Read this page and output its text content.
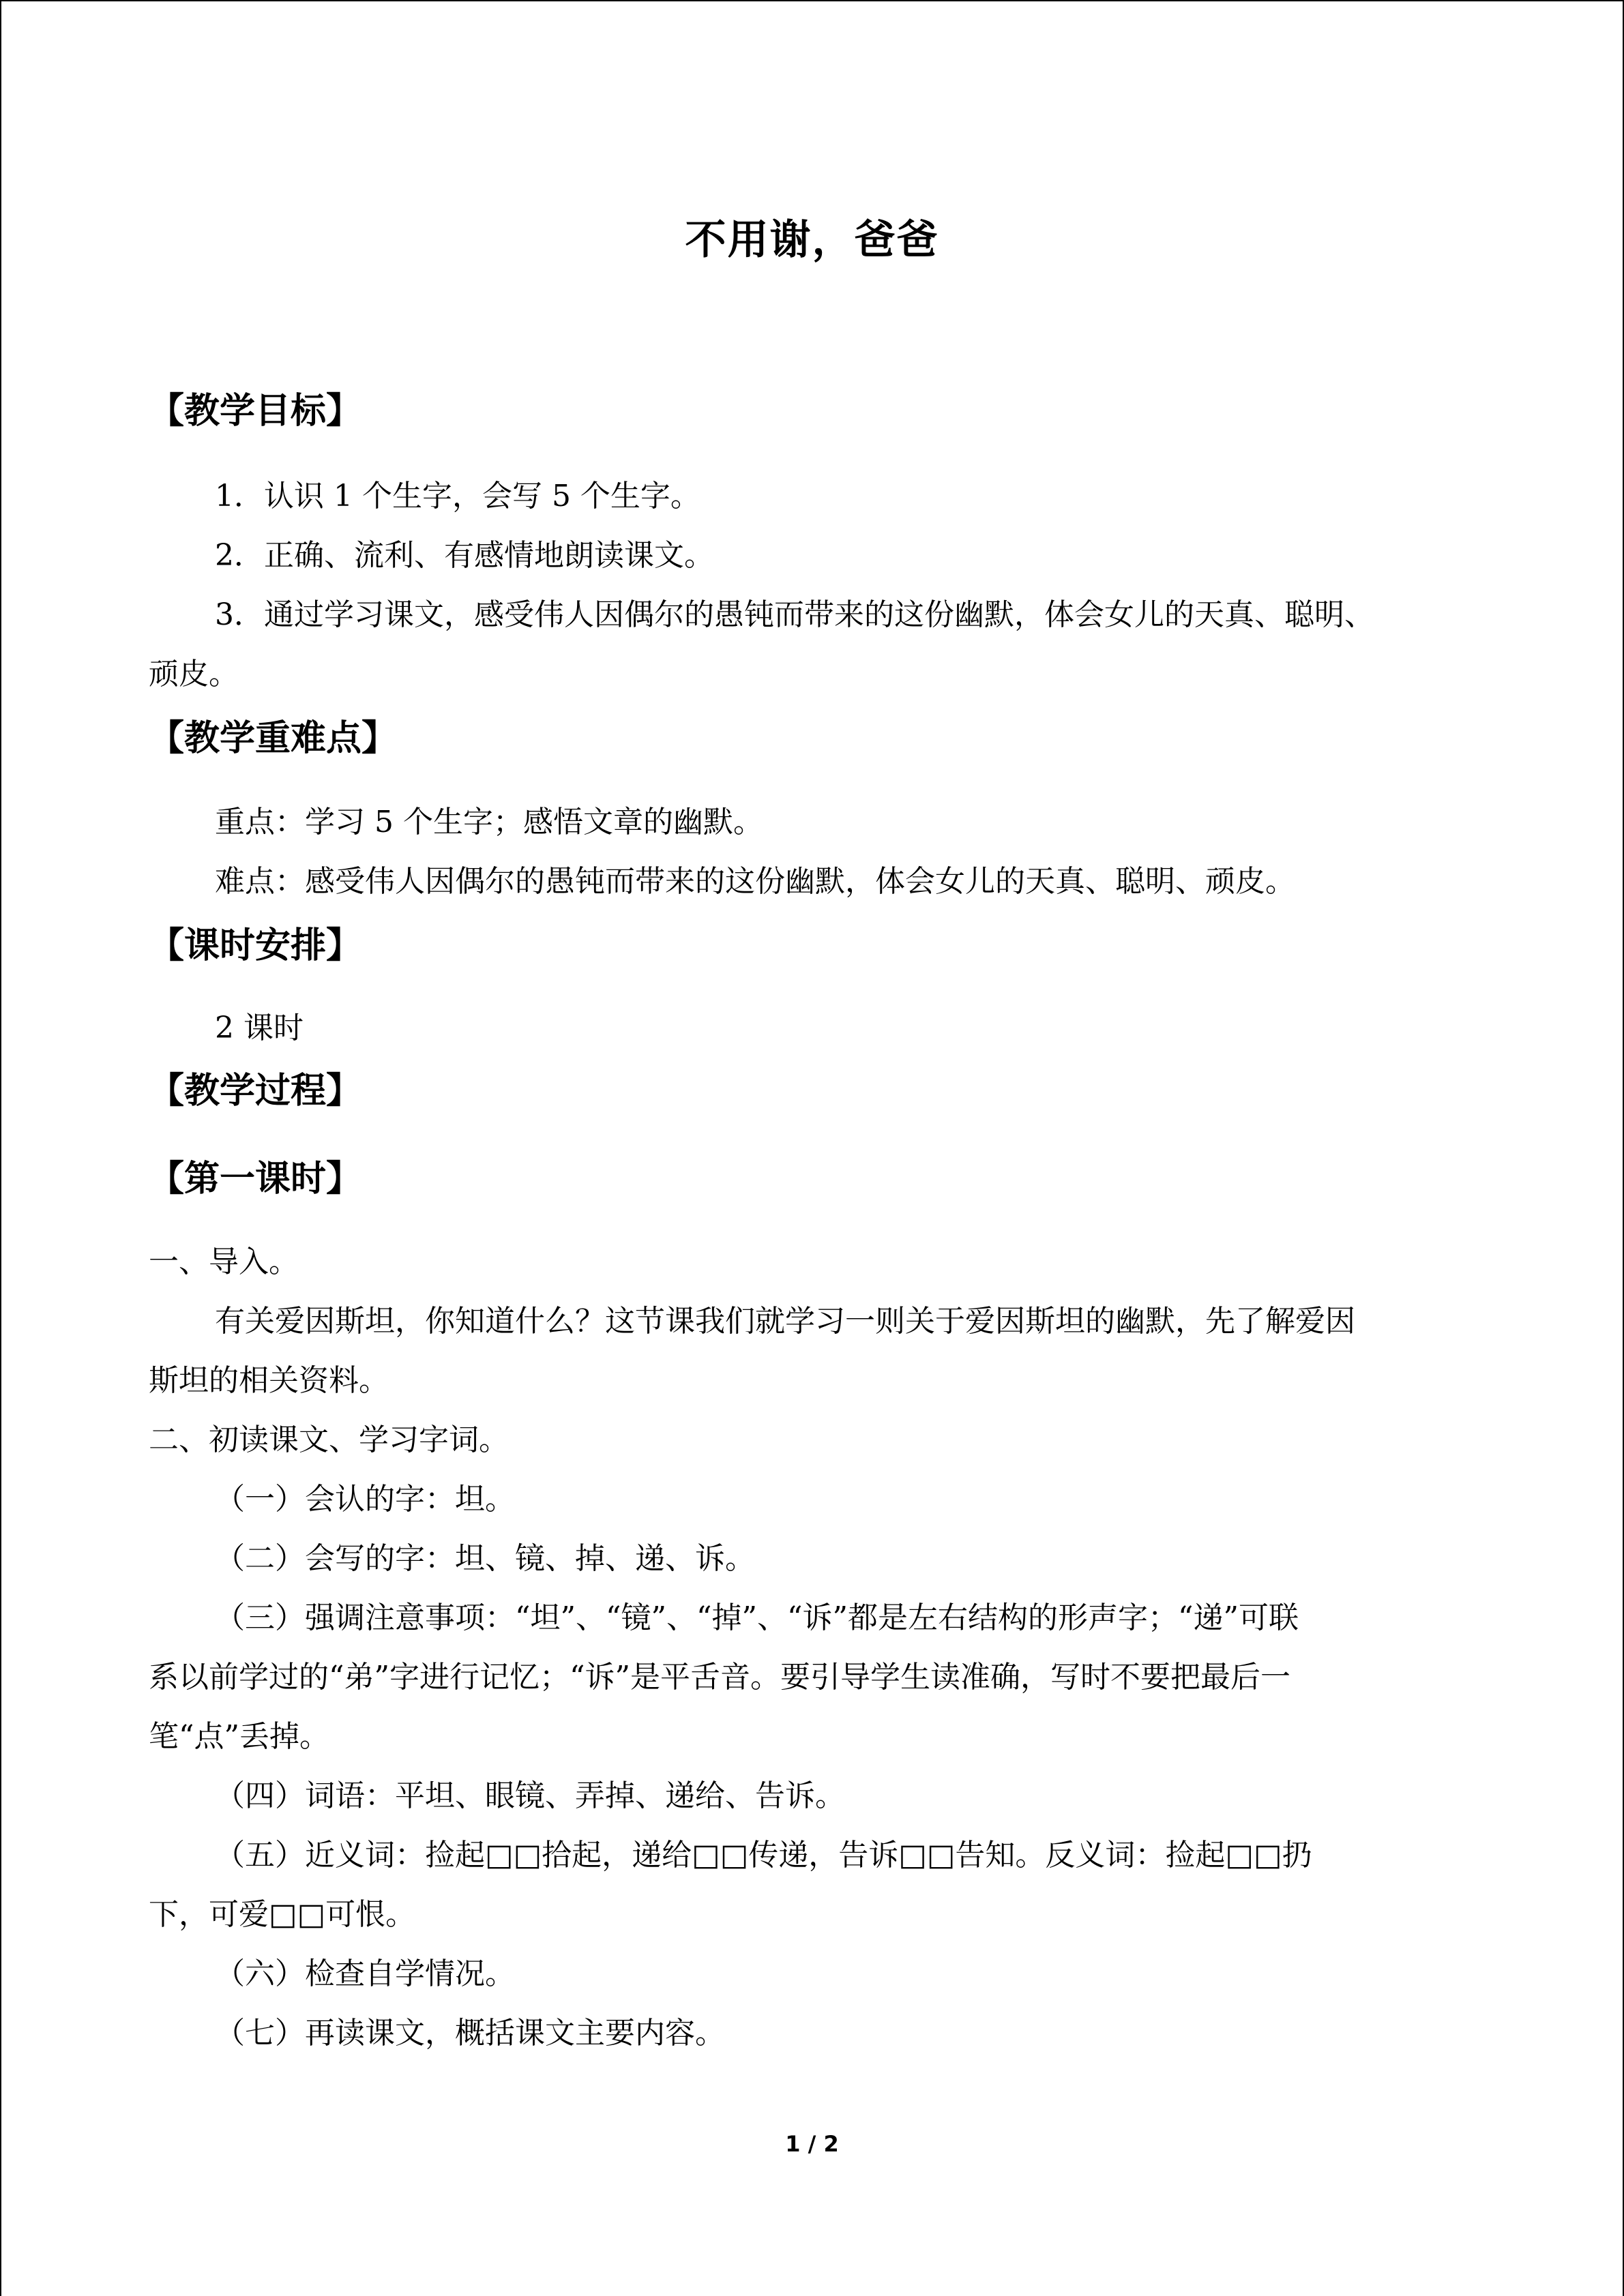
不用谢，爸爸
【教学目标】
1．认识 1 个生字，会写 5 个生字。
2．正确、流利、有感情地朗读课文。
3．通过学习课文，感受伟人因偶尔的愚钝而带来的这份幽默，体会女儿的天真、聪明、
顽皮。
【教学重难点】
重点：学习 5 个生字；感悟文章的幽默。
难点：感受伟人因偶尔的愚钝而带来的这份幽默，体会女儿的天真、聪明、顽皮。
【课时安排】
2 课时
【教学过程】
【第一课时】
一、导入。
有关爱因斯坦，你知道什么？这节课我们就学习一则关于爱因斯坦的幽默，先了解爱因
斯坦的相关资料。
二、初读课文、学习字词。
（一）会认的字：坦。
（二）会写的字：坦、镜、掉、递、诉。
（三）强调注意事项：“坦”、“镜”、“掉”、“诉”都是左右结构的形声字；“递”可联
系以前学过的“弟”字进行记忆；“诉”是平舌音。要引导学生读准确，写时不要把最后一
笔“点”丢掉。
（四）词语：平坦、眼镜、弄掉、递给、告诉。
（五）近义词：捡起□□拾起，递给□□传递，告诉□□告知。反义词：捡起□□扔
下，可爱□□可恨。
（六）检查自学情况。
（七）再读课文，概括课文主要内容。
1 / 2
